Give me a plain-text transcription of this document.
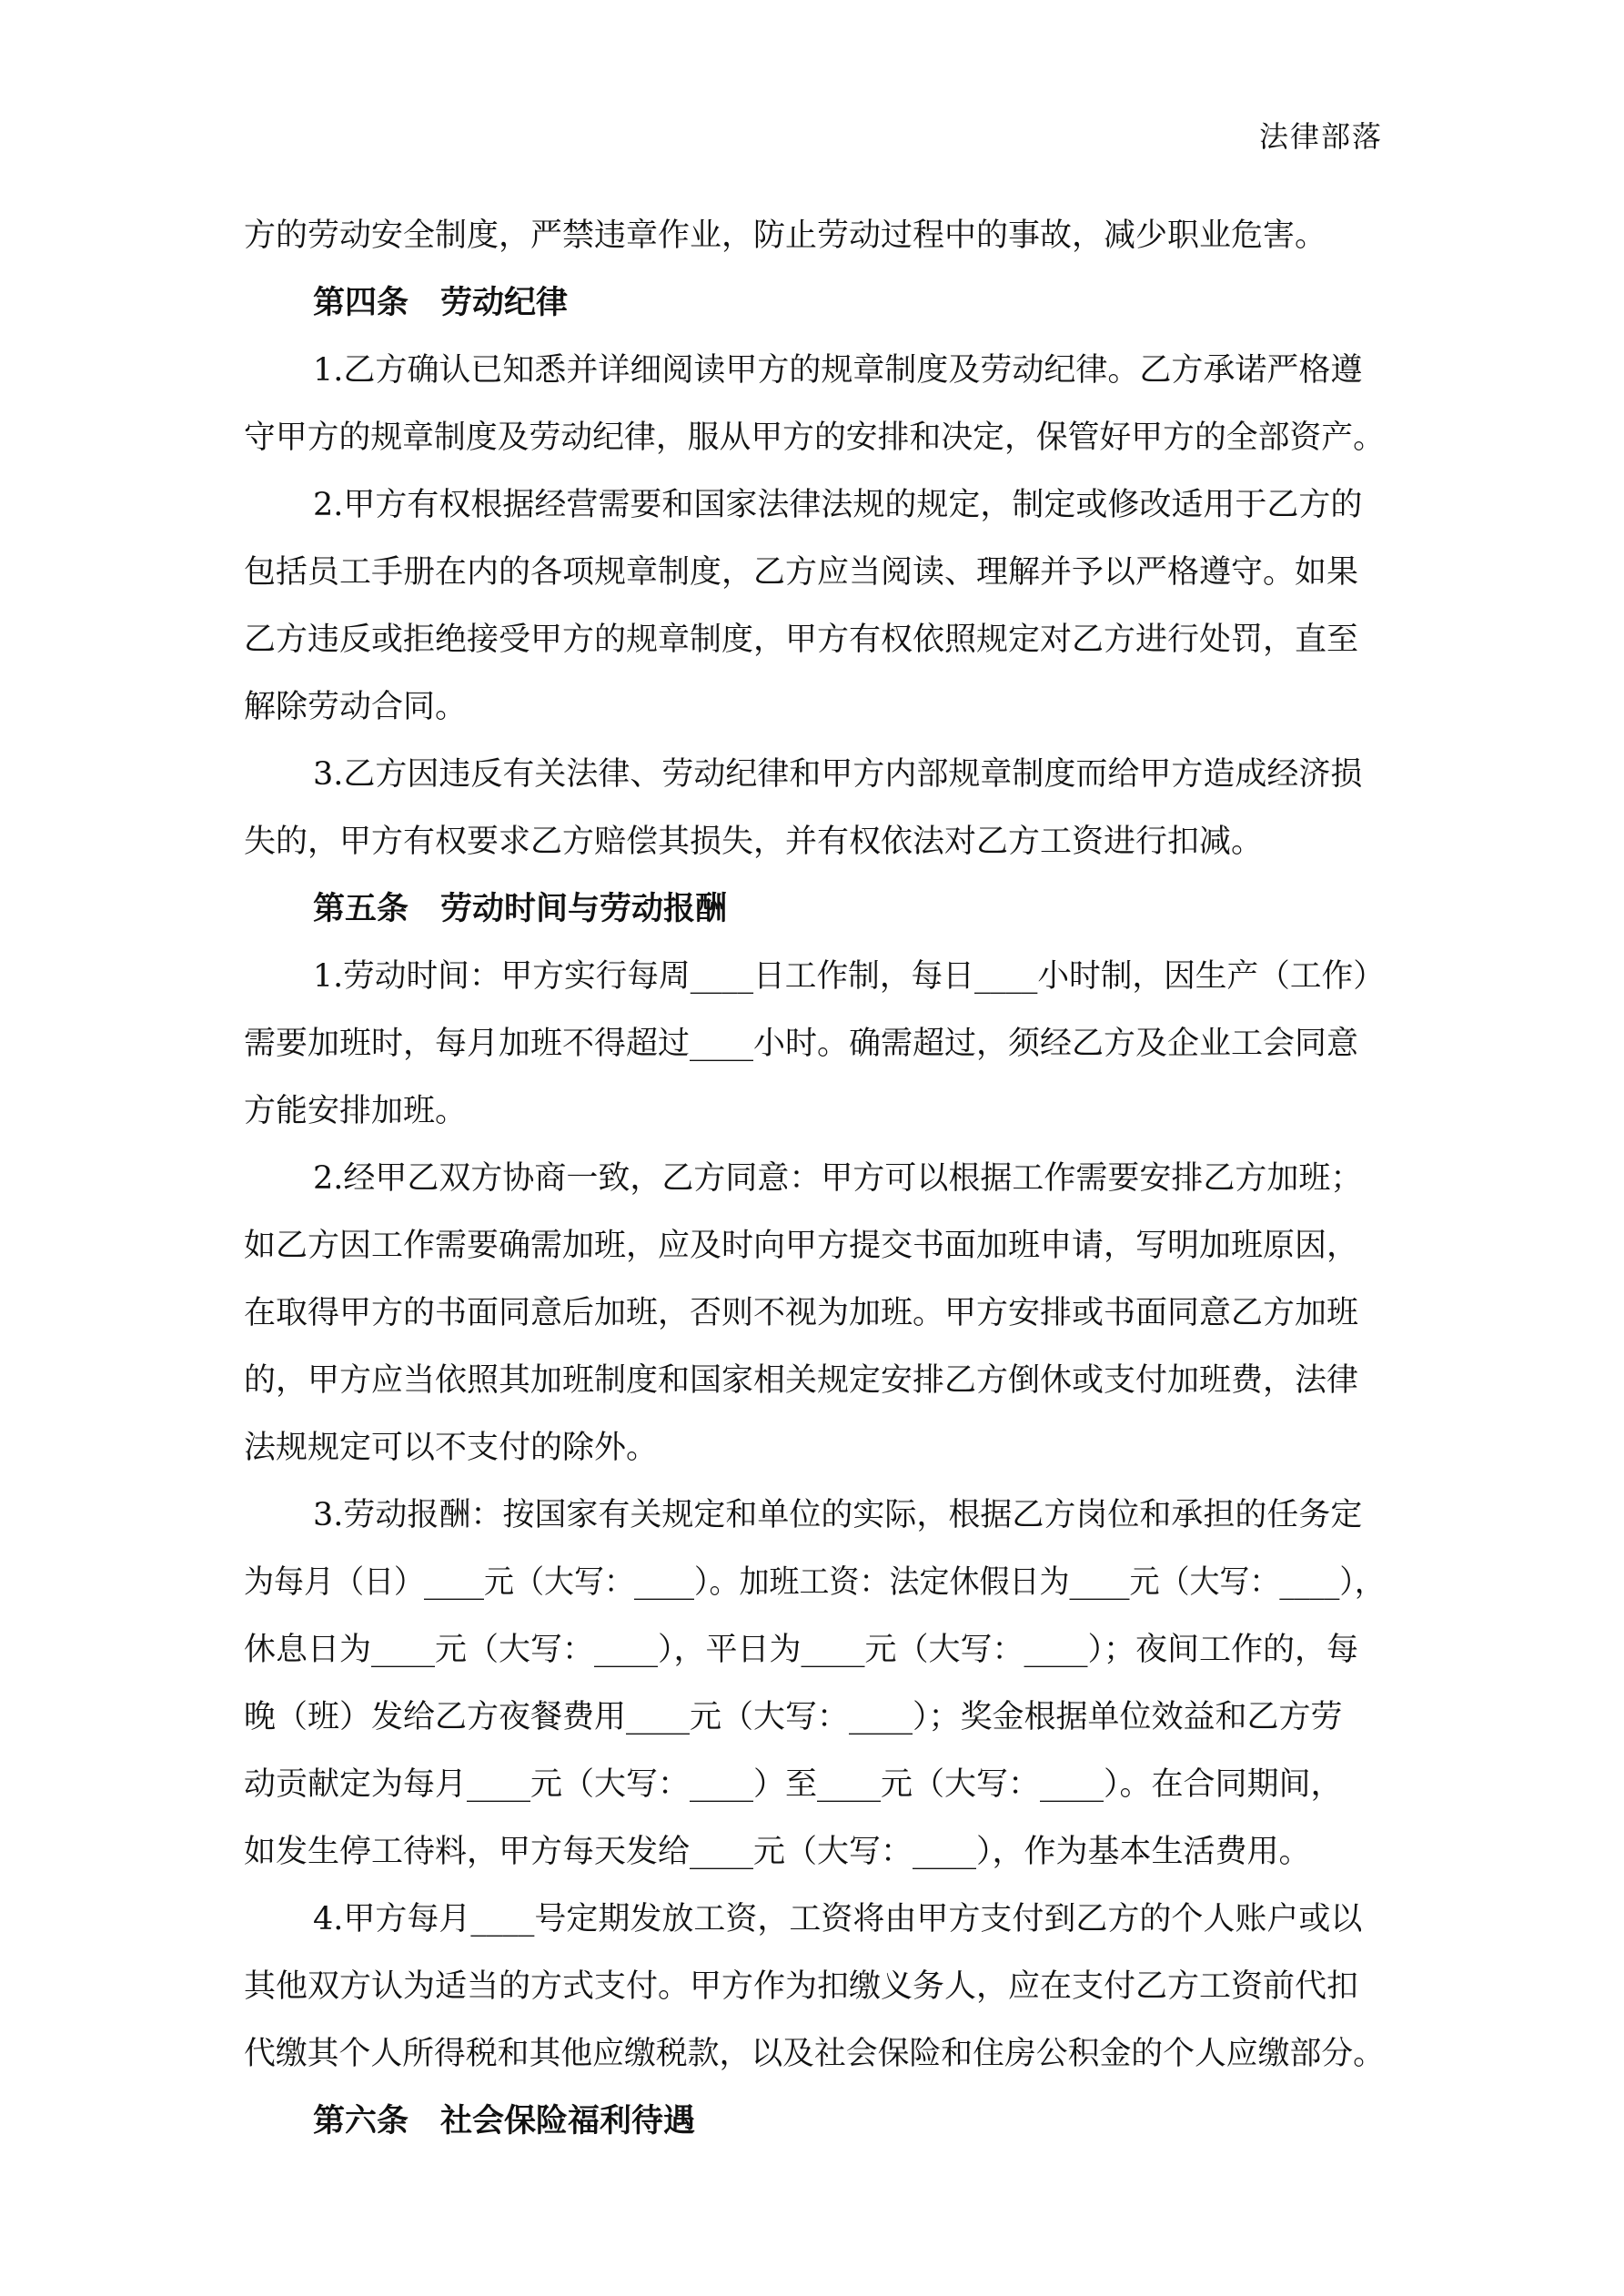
法律部落
方的劳动安全制度，严禁违章作业，防止劳动过程中的事故，减少职业危害。
第四条　劳动纪律
1.乙方确认已知悉并详细阅读甲方的规章制度及劳动纪律。乙方承诺严格遵
守甲方的规章制度及劳动纪律，服从甲方的安排和决定，保管好甲方的全部资产。
2.甲方有权根据经营需要和国家法律法规的规定，制定或修改适用于乙方的
包括员工手册在内的各项规章制度，乙方应当阅读、理解并予以严格遵守。如果
乙方违反或拒绝接受甲方的规章制度，甲方有权依照规定对乙方进行处罚，直至
解除劳动合同。
3.乙方因违反有关法律、劳动纪律和甲方内部规章制度而给甲方造成经济损
失的，甲方有权要求乙方赔偿其损失，并有权依法对乙方工资进行扣减。
第五条　劳动时间与劳动报酬
1.劳动时间：甲方实行每周____日工作制，每日____小时制，因生产（工作）
需要加班时，每月加班不得超过____小时。确需超过，须经乙方及企业工会同意
方能安排加班。
2.经甲乙双方协商一致，乙方同意：甲方可以根据工作需要安排乙方加班；
如乙方因工作需要确需加班，应及时向甲方提交书面加班申请，写明加班原因，
在取得甲方的书面同意后加班，否则不视为加班。甲方安排或书面同意乙方加班
的，甲方应当依照其加班制度和国家相关规定安排乙方倒休或支付加班费，法律
法规规定可以不支付的除外。
3.劳动报酬：按国家有关规定和单位的实际，根据乙方岗位和承担的任务定
为每月（日）____元（大写：____）。加班工资：法定休假日为____元（大写：____），
休息日为____元（大写：____），平日为____元（大写：____）；夜间工作的，每
晚（班）发给乙方夜餐费用____元（大写：____）；奖金根据单位效益和乙方劳
动贡献定为每月____元（大写：____）至____元（大写：____）。在合同期间，
如发生停工待料，甲方每天发给____元（大写：____），作为基本生活费用。
4.甲方每月____号定期发放工资，工资将由甲方支付到乙方的个人账户或以
其他双方认为适当的方式支付。甲方作为扣缴义务人，应在支付乙方工资前代扣
代缴其个人所得税和其他应缴税款，以及社会保险和住房公积金的个人应缴部分。
第六条　社会保险福利待遇
